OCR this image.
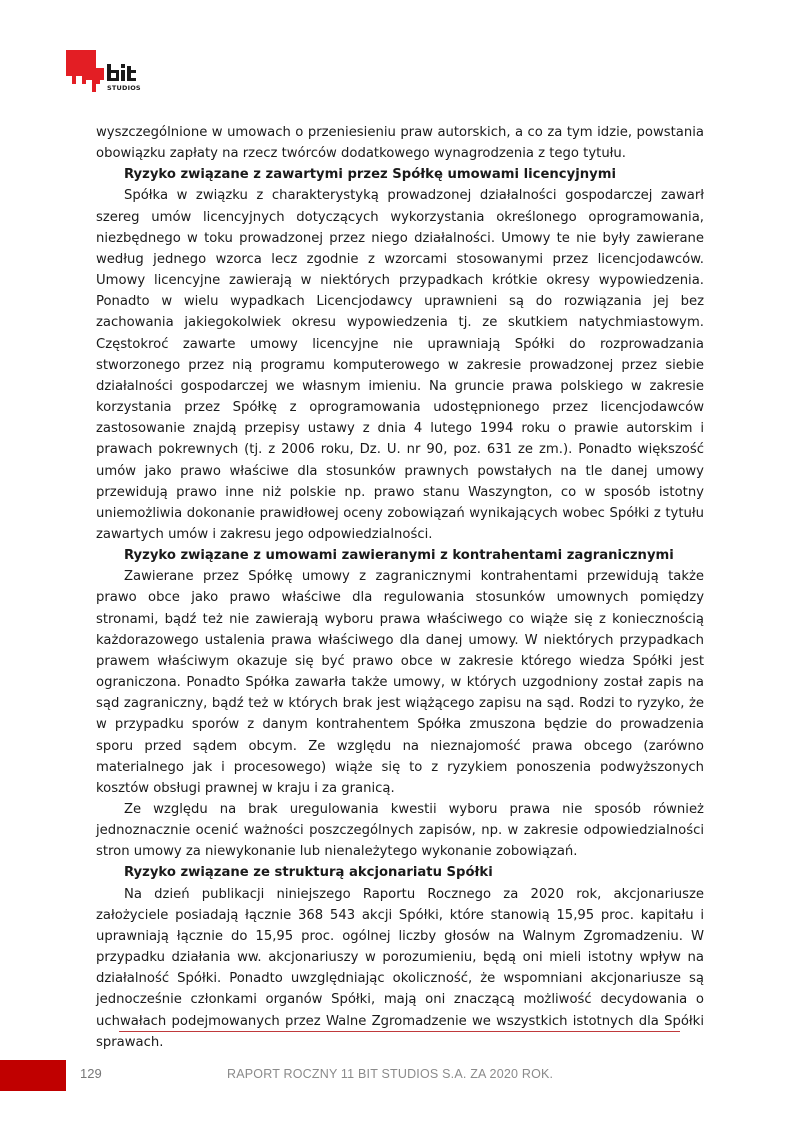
STUDIOS

wyszczególnione w umowach o przeniesieniu praw autorskich, a co za tym idzie, powstania obowiązku zapłaty na rzecz twórców dodatkowego wynagrodzenia z tego tytułu.

Ryzyko związane z zawartymi przez Spółkę umowami licencyjnymi

Spółka w związku z charakterystyką prowadzonej działalności gospodarczej zawarł szereg umów licencyjnych dotyczących wykorzystania określonego oprogramowania, niezbędnego w toku prowadzonej przez niego działalności. Umowy te nie były zawierane według jednego wzorca lecz zgodnie z wzorcami stosowanymi przez licencjodawców. Umowy licencyjne zawierają w niektórych przypadkach krótkie okresy wypowiedzenia. Ponadto w wielu wypadkach Licencjodawcy uprawnieni są do rozwiązania jej bez zachowania jakiegokolwiek okresu wypowiedzenia tj. ze skutkiem natychmiastowym. Częstokroć zawarte umowy licencyjne nie uprawniają Spółki do rozprowadzania stworzonego przez nią programu komputerowego w zakresie prowadzonej przez siebie działalności gospodarczej we własnym imieniu. Na gruncie prawa polskiego w zakresie korzystania przez Spółkę z oprogramowania udostępnionego przez licencjodawców zastosowanie znajdą przepisy ustawy z dnia 4 lutego 1994 roku o prawie autorskim i prawach pokrewnych (tj. z 2006 roku, Dz. U. nr 90, poz. 631 ze zm.). Ponadto większość umów jako prawo właściwe dla stosunków prawnych powstałych na tle danej umowy przewidują prawo inne niż polskie np. prawo stanu Waszyngton, co w sposób istotny uniemożliwia dokonanie prawidłowej oceny zobowiązań wynikających wobec Spółki z tytułu zawartych umów i zakresu jego odpowiedzialności.

Ryzyko związane z umowami zawieranymi z kontrahentami zagranicznymi

Zawierane przez Spółkę umowy z zagranicznymi kontrahentami przewidują także prawo obce jako prawo właściwe dla regulowania stosunków umownych pomiędzy stronami, bądź też nie zawierają wyboru prawa właściwego co wiąże się z koniecznością każdorazowego ustalenia prawa właściwego dla danej umowy. W niektórych przypadkach prawem właściwym okazuje się być prawo obce w zakresie którego wiedza Spółki jest ograniczona. Ponadto Spółka zawarła także umowy, w których uzgodniony został zapis na sąd zagraniczny, bądź też w których brak jest wiążącego zapisu na sąd. Rodzi to ryzyko, że w przypadku sporów z danym kontrahentem Spółka zmuszona będzie do prowadzenia sporu przed sądem obcym. Ze względu na nieznajomość prawa obcego (zarówno materialnego jak i procesowego) wiąże się to z ryzykiem ponoszenia podwyższonych kosztów obsługi prawnej w kraju i za granicą.

Ze względu na brak uregulowania kwestii wyboru prawa nie sposób również jednoznacznie ocenić ważności poszczególnych zapisów, np. w zakresie odpowiedzialności stron umowy za niewykonanie lub nienależytego wykonanie zobowiązań.

Ryzyko związane ze strukturą akcjonariatu Spółki

Na dzień publikacji niniejszego Raportu Rocznego za 2020 rok, akcjonariusze założyciele posiadają łącznie 368 543 akcji Spółki, które stanowią 15,95 proc. kapitału i uprawniają łącznie do 15,95 proc. ogólnej liczby głosów na Walnym Zgromadzeniu. W przypadku działania ww. akcjonariuszy w porozumieniu, będą oni mieli istotny wpływ na działalność Spółki. Ponadto uwzględniając okoliczność, że wspomniani akcjonariusze są jednocześnie członkami organów Spółki, mają oni znaczącą możliwość decydowania o uchwałach podejmowanych przez Walne Zgromadzenie we wszystkich istotnych dla Spółki sprawach.

129	RAPORT ROCZNY 11 BIT STUDIOS S.A. ZA 2020 ROK.
